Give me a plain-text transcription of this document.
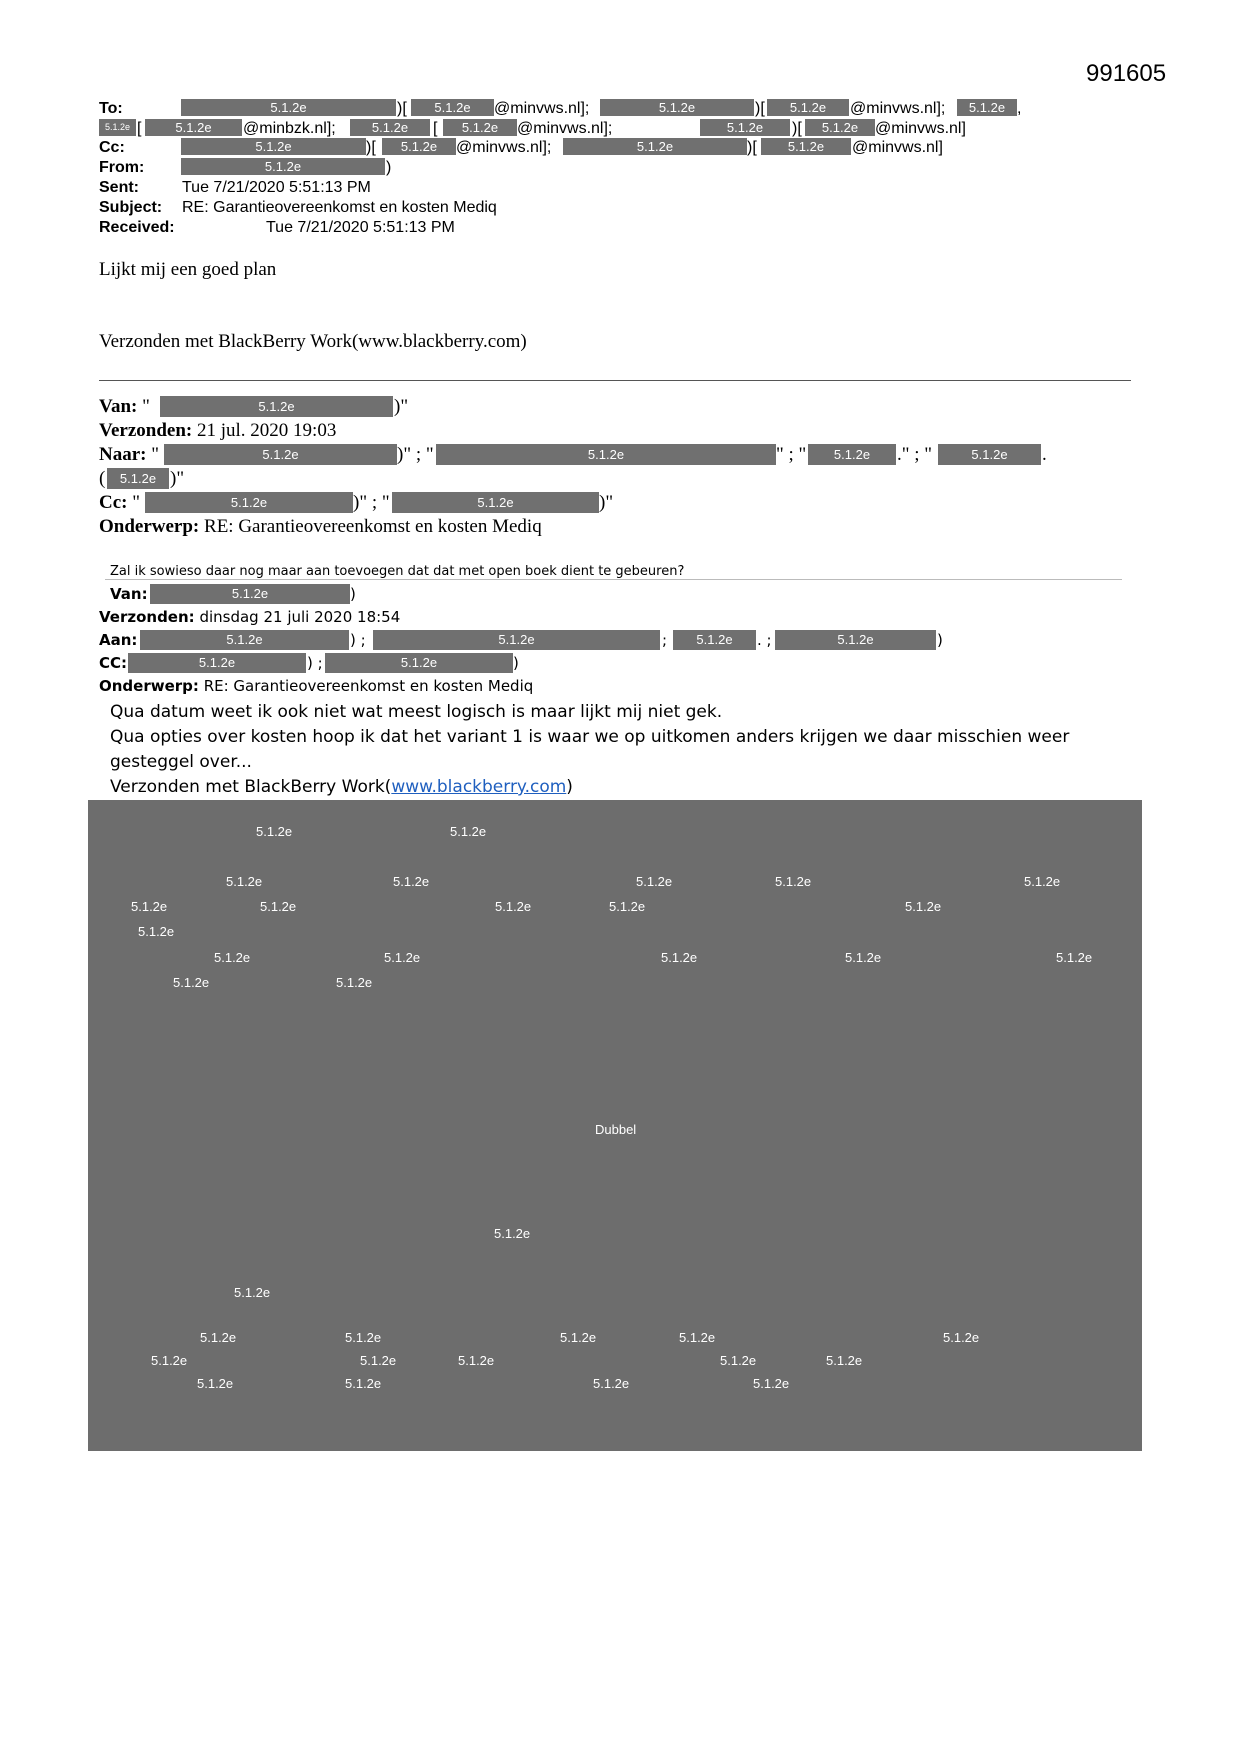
991605
To:	5.1.2e	)[	5.1.2e	@minvws.nl];	5.1.2e	)[	5.1.2e	@minvws.nl];	5.1.2e ,
5.1.2e [	5.1.2e	@minbzk.nl];	5.1.2e	[	5.1.2e	@minvws.nl];	5.1.2e	)[	5.1.2e	@minvws.nl]
Cc:	5.1.2e	)[	5.1.2e	@minvws.nl];	5.1.2e	)[	5.1.2e	@minvws.nl]
From:	5.1.2e	)
Sent:	Tue 7/21/2020 5:51:13 PM
Subject: RE: Garantieovereenkomst en kosten Mediq
Received:	Tue 7/21/2020 5:51:13 PM
Lijkt mij een goed plan
Verzonden met BlackBerry Work(www.blackberry.com)
Van: "	5.1.2e	)"
Verzonden: 21 jul. 2020 19:03
Naar: "	5.1.2e	)" ; "	5.1.2e	" ; "	5.1.2e	." ; "	5.1.2e	.
(	5.1.2e )"
Cc: "	5.1.2e	)" ; "	5.1.2e	)"
Onderwerp: RE: Garantieovereenkomst en kosten Mediq
Zal ik sowieso daar nog maar aan toevoegen dat dat met open boek dient te gebeuren?
Van:	5.1.2e	)
Verzonden: dinsdag 21 juli 2020 18:54
Aan:	5.1.2e	) ;	5.1.2e	;	5.1.2e	. ;	5.1.2e	)
CC:	5.1.2e	) ;	5.1.2e	)
Onderwerp: RE: Garantieovereenkomst en kosten Mediq
Qua datum weet ik ook niet wat meest logisch is maar lijkt mij niet gek.
Qua opties over kosten hoop ik dat het variant 1 is waar we op uitkomen anders krijgen we daar misschien weer
gesteggel over...
Verzonden met BlackBerry Work(www.blackberry.com)
5.1.2e	5.1.2e
5.1.2e	5.1.2e	5.1.2e	5.1.2e	5.1.2e
5.1.2e	5.1.2e	5.1.2e	5.1.2e	5.1.2e
5.1.2e
5.1.2e	5.1.2e	5.1.2e	5.1.2e	5.1.2e
5.1.2e	5.1.2e
Dubbel
5.1.2e
5.1.2e
5.1.2e	5.1.2e	5.1.2e	5.1.2e	5.1.2e
5.1.2e	5.1.2e	5.1.2e	5.1.2e	5.1.2e
5.1.2e	5.1.2e	5.1.2e	5.1.2e
